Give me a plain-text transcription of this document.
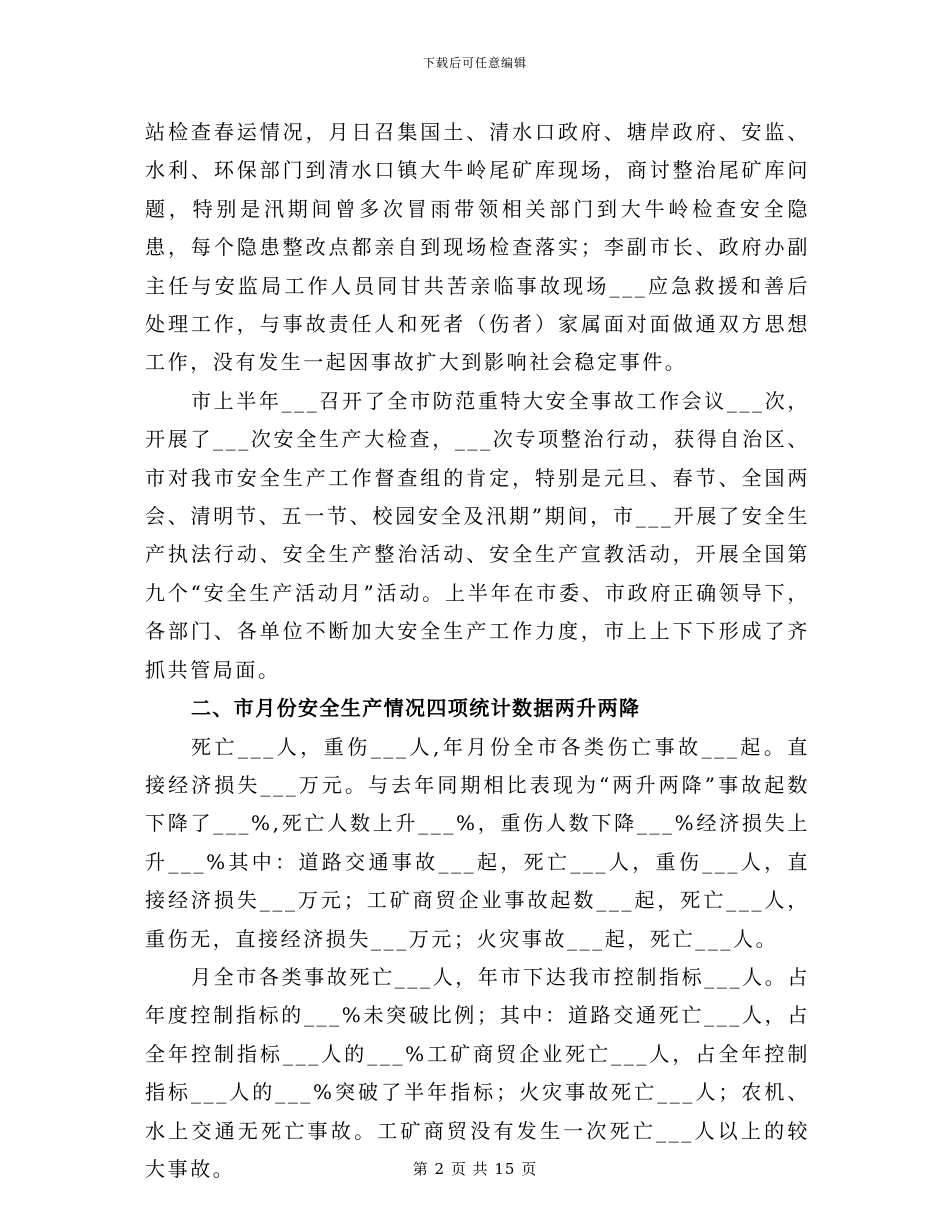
下载后可任意编辑

站检查春运情况，月日召集国土、清水口政府、塘岸政府、安监、水利、环保部门到清水口镇大牛岭尾矿库现场，商讨整治尾矿库问题，特别是汛期间曾多次冒雨带领相关部门到大牛岭检查安全隐患，每个隐患整改点都亲自到现场检查落实；李副市长、政府办副主任与安监局工作人员同甘共苦亲临事故现场___应急救援和善后处理工作，与事故责任人和死者（伤者）家属面对面做通双方思想工作，没有发生一起因事故扩大到影响社会稳定事件。

市上半年___召开了全市防范重特大安全事故工作会议___次，开展了___次安全生产大检查，___次专项整治行动，获得自治区、市对我市安全生产工作督查组的肯定，特别是元旦、春节、全国两会、清明节、五一节、校园安全及汛期”期间，市___开展了安全生产执法行动、安全生产整治活动、安全生产宣教活动，开展全国第九个“安全生产活动月”活动。上半年在市委、市政府正确领导下，各部门、各单位不断加大安全生产工作力度，市上上下下形成了齐抓共管局面。

二、市月份安全生产情况四项统计数据两升两降

死亡___人，重伤___人,年月份全市各类伤亡事故___起。直接经济损失___万元。与去年同期相比表现为“两升两降”事故起数下降了___%,死亡人数上升___%，重伤人数下降___%经济损失上升___%其中：道路交通事故___起，死亡___人，重伤___人，直接经济损失___万元；工矿商贸企业事故起数___起，死亡___人，重伤无，直接经济损失___万元；火灾事故___起，死亡___人。

月全市各类事故死亡___人，年市下达我市控制指标___人。占年度控制指标的___%未突破比例；其中：道路交通死亡___人，占全年控制指标___人的___%工矿商贸企业死亡___人，占全年控制指标___人的___%突破了半年指标；火灾事故死亡___人；农机、水上交通无死亡事故。工矿商贸没有发生一次死亡___人以上的较大事故。	第 2 页 共 15 页
